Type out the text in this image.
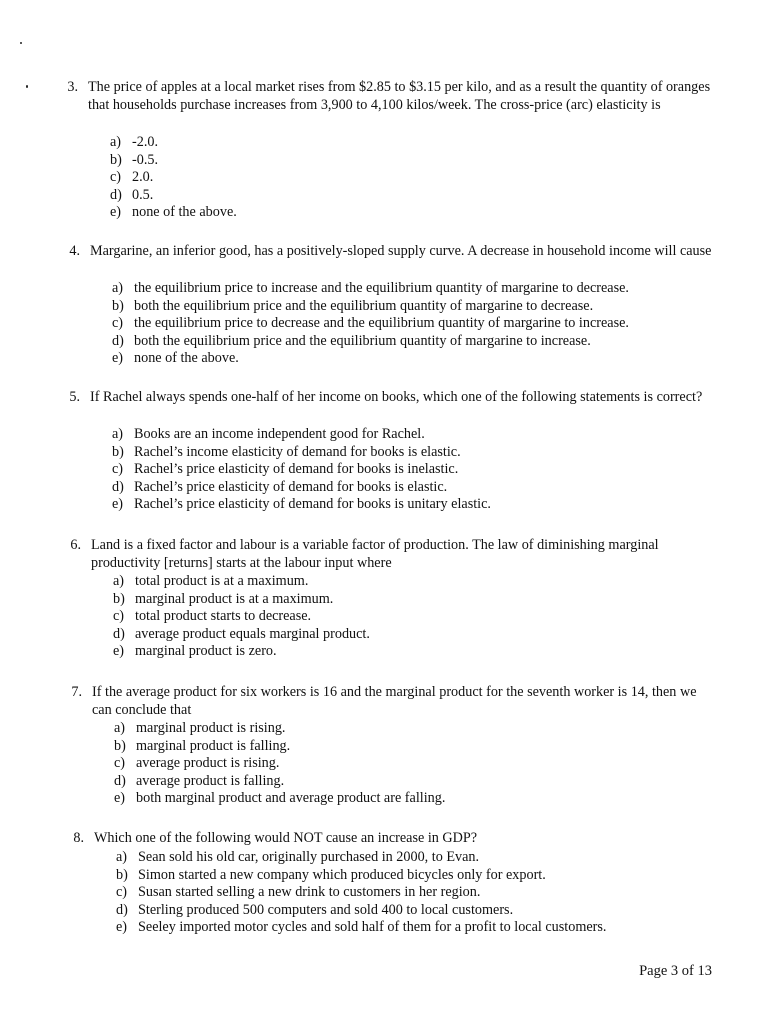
3. The price of apples at a local market rises from $2.85 to $3.15 per kilo, and as a result the quantity of oranges that households purchase increases from 3,900 to 4,100 kilos/week. The cross-price (arc) elasticity is
a) -2.0.
b) -0.5.
c) 2.0.
d) 0.5.
e) none of the above.
4. Margarine, an inferior good, has a positively-sloped supply curve. A decrease in household income will cause
a) the equilibrium price to increase and the equilibrium quantity of margarine to decrease.
b) both the equilibrium price and the equilibrium quantity of margarine to decrease.
c) the equilibrium price to decrease and the equilibrium quantity of margarine to increase.
d) both the equilibrium price and the equilibrium quantity of margarine to increase.
e) none of the above.
5. If Rachel always spends one-half of her income on books, which one of the following statements is correct?
a) Books are an income independent good for Rachel.
b) Rachel’s income elasticity of demand for books is elastic.
c) Rachel’s price elasticity of demand for books is inelastic.
d) Rachel’s price elasticity of demand for books is elastic.
e) Rachel’s price elasticity of demand for books is unitary elastic.
6. Land is a fixed factor and labour is a variable factor of production. The law of diminishing marginal productivity [returns] starts at the labour input where
a) total product is at a maximum.
b) marginal product is at a maximum.
c) total product starts to decrease.
d) average product equals marginal product.
e) marginal product is zero.
7. If the average product for six workers is 16 and the marginal product for the seventh worker is 14, then we can conclude that
a) marginal product is rising.
b) marginal product is falling.
c) average product is rising.
d) average product is falling.
e) both marginal product and average product are falling.
8. Which one of the following would NOT cause an increase in GDP?
a) Sean sold his old car, originally purchased in 2000, to Evan.
b) Simon started a new company which produced bicycles only for export.
c) Susan started selling a new drink to customers in her region.
d) Sterling produced 500 computers and sold 400 to local customers.
e) Seeley imported motor cycles and sold half of them for a profit to local customers.
Page 3 of 13
